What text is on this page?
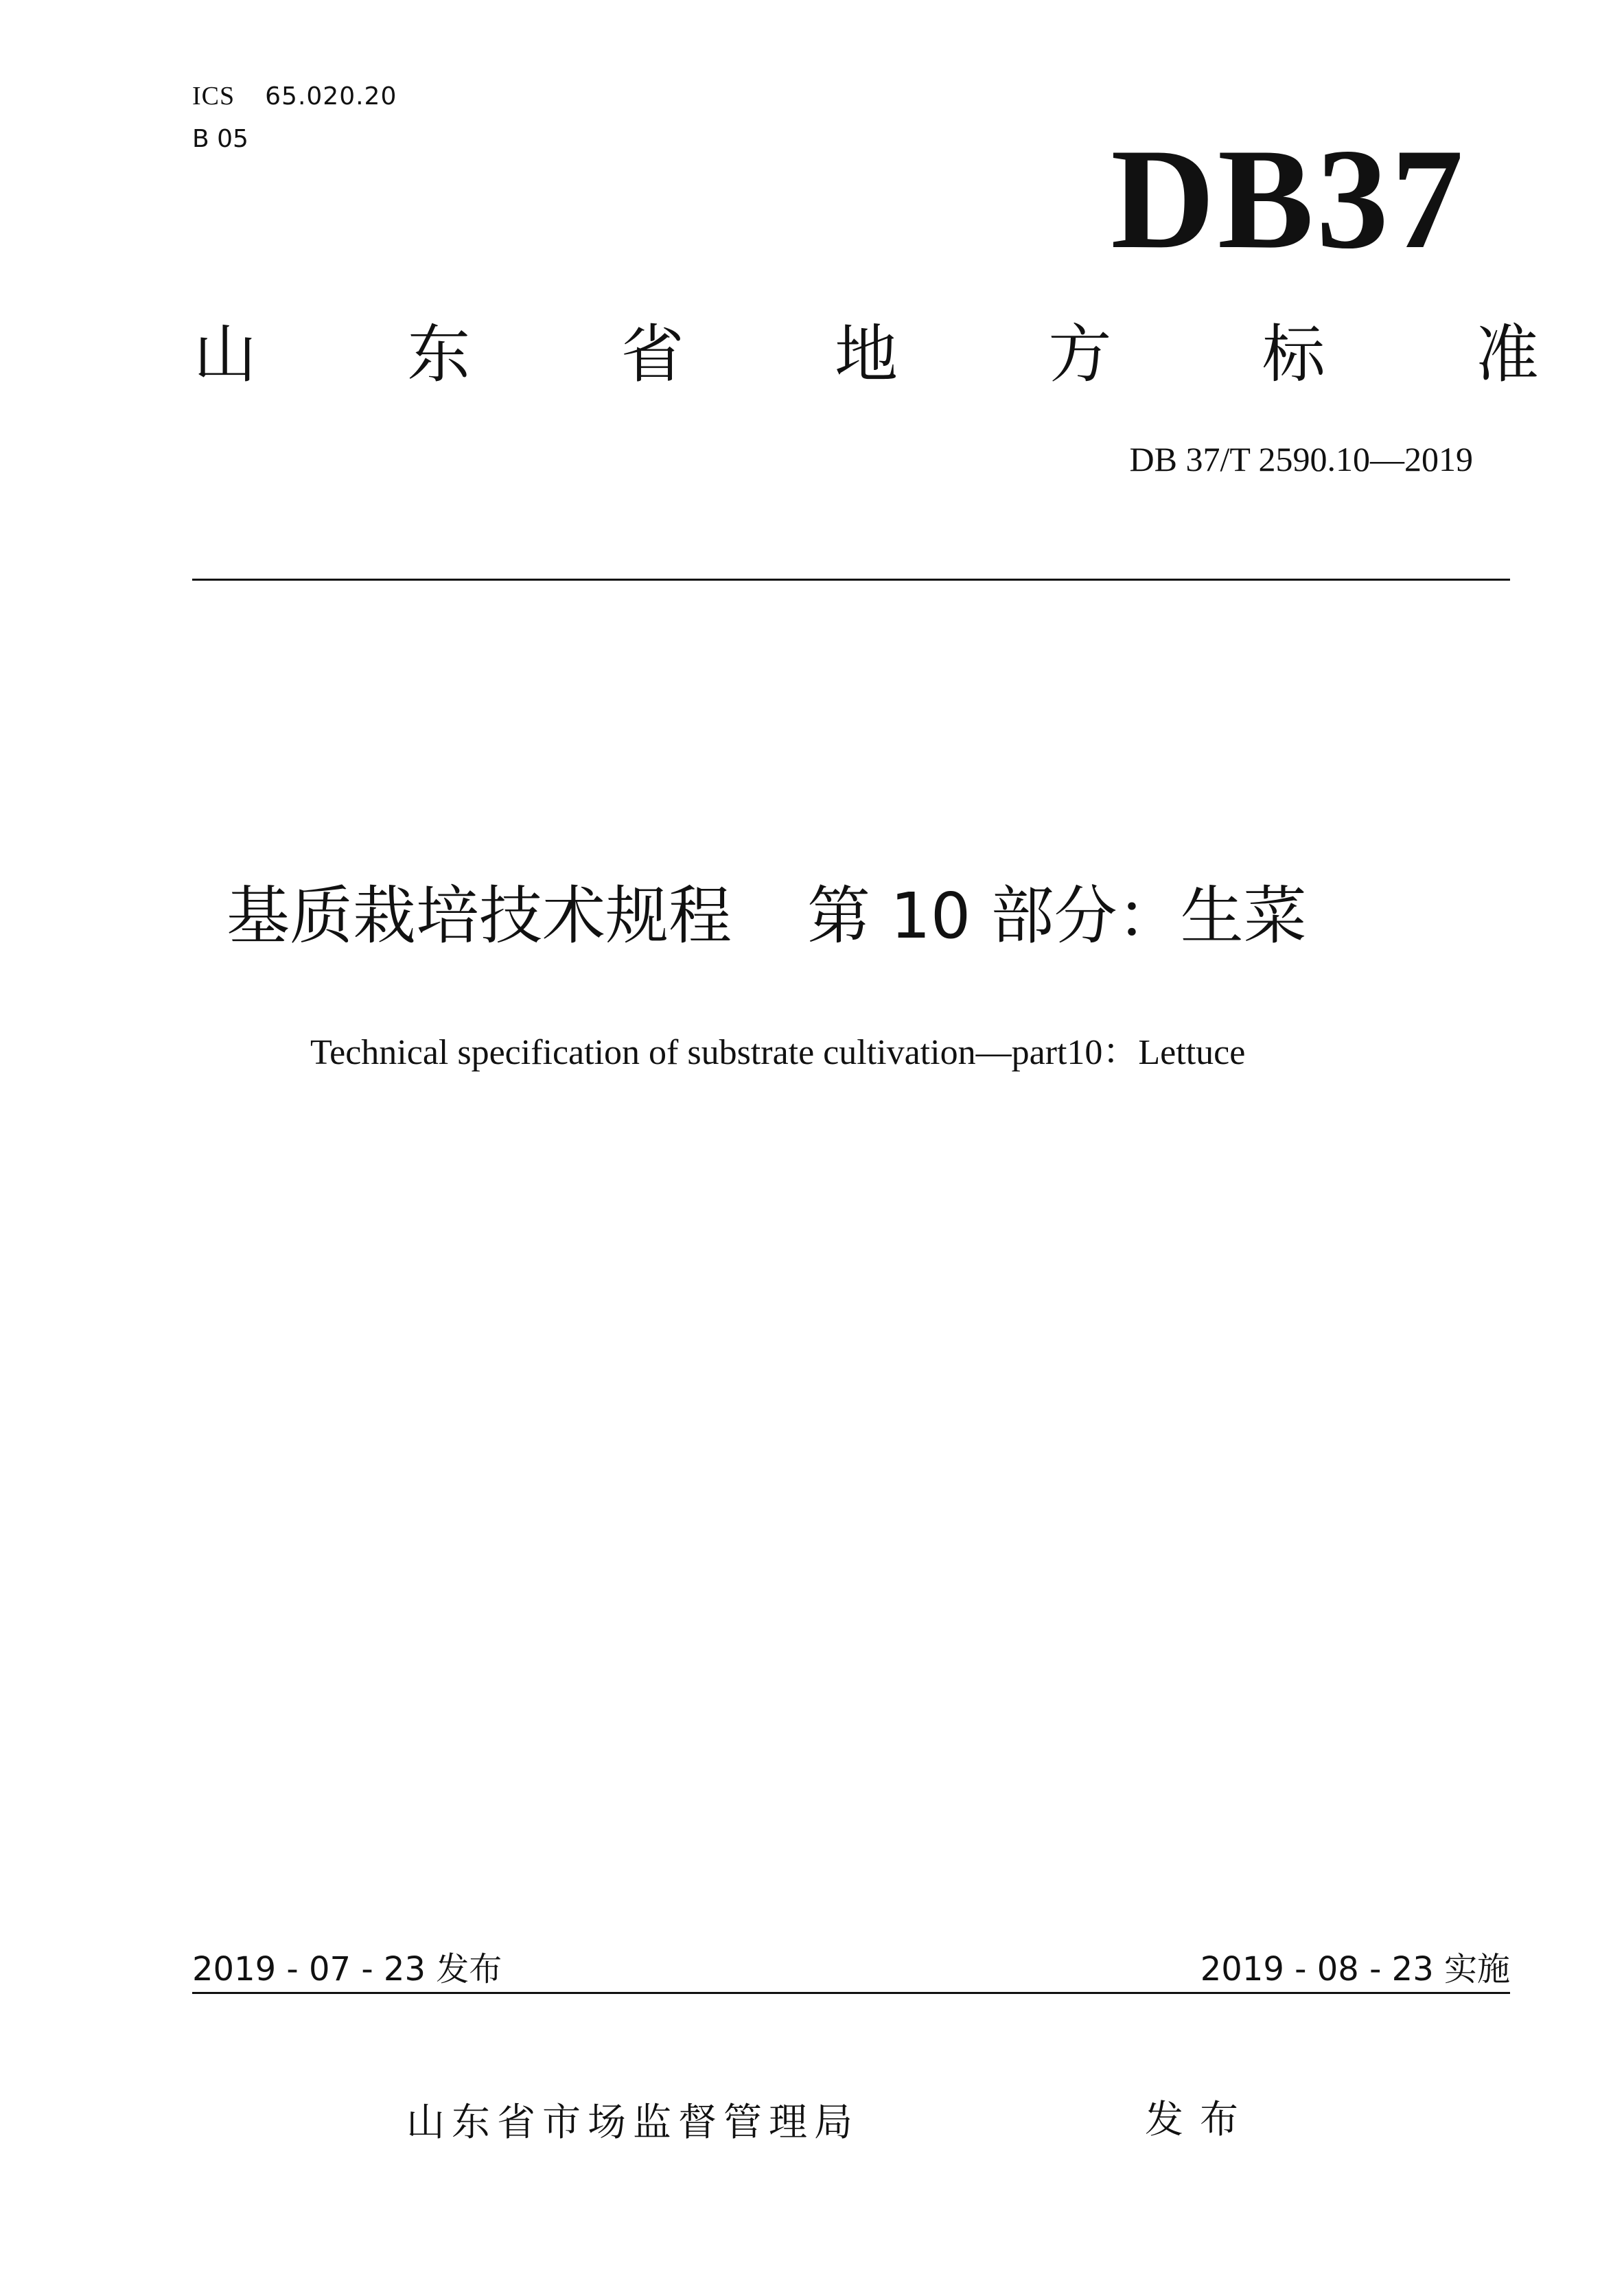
ICS 65.020.20
B 05	DB37
山 东 省 地 方 标 准
DB 37/T 2590.10—2019
基质栽培技术规程 第 10 部分：生菜
Technical specification of substrate cultivation—part10：Lettuce
2019 - 07 - 23 发布	2019 - 08 - 23 实施
山东省市场监督管理局	发布
